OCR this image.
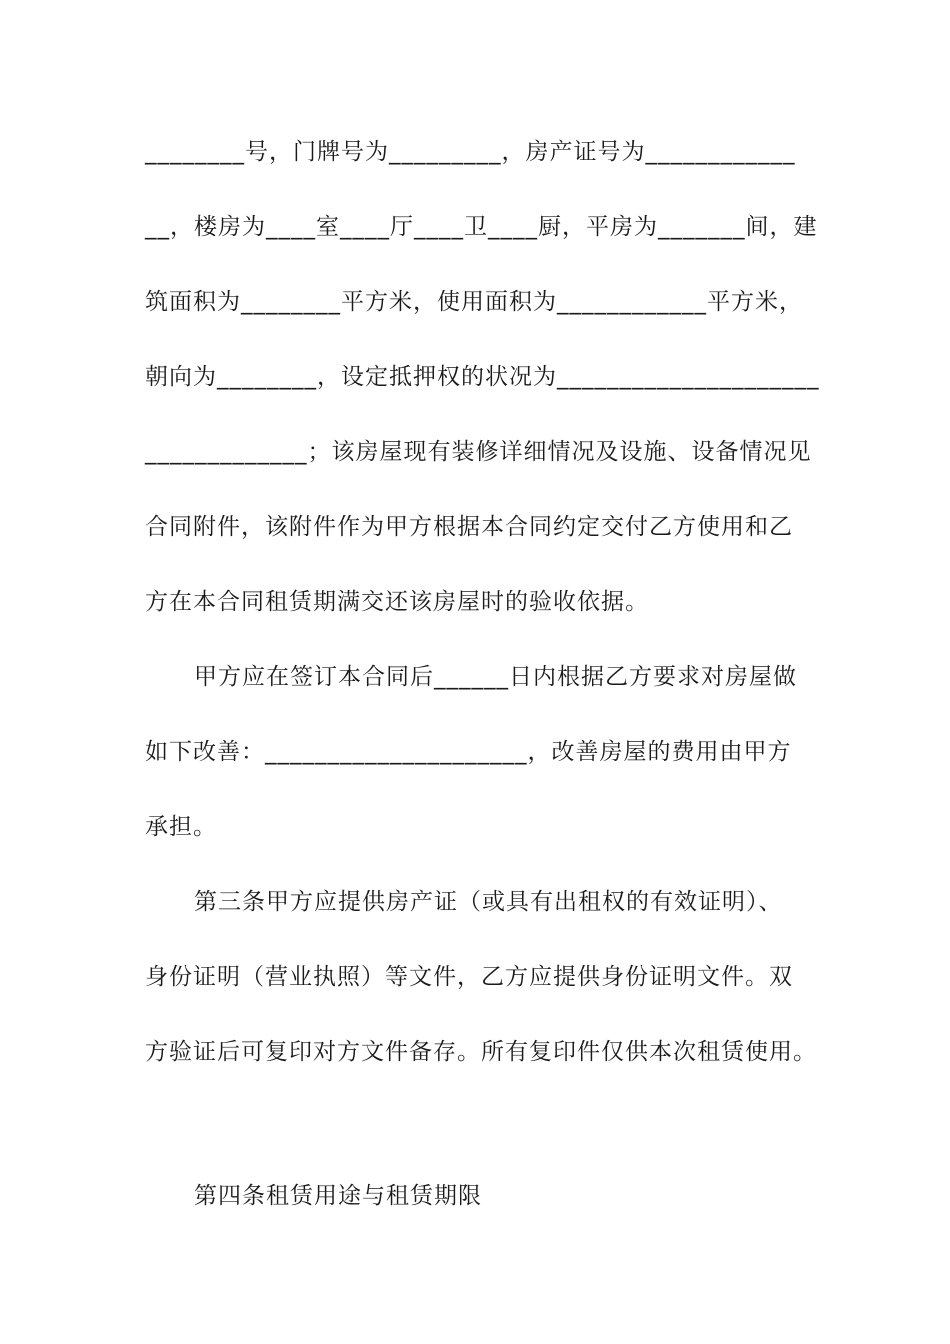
________号，门牌号为_________，房产证号为____________
__，楼房为____室____厅____卫____厨，平房为_______间，建
筑面积为________平方米，使用面积为____________平方米，
朝向为________，设定抵押权的状况为_____________________
_____________；该房屋现有装修详细情况及设施、设备情况见
合同附件，该附件作为甲方根据本合同约定交付乙方使用和乙
方在本合同租赁期满交还该房屋时的验收依据。
甲方应在签订本合同后______日内根据乙方要求对房屋做
如下改善：_____________________，改善房屋的费用由甲方
承担。
第三条甲方应提供房产证（或具有出租权的有效证明）、
身份证明（营业执照）等文件，乙方应提供身份证明文件。双
方验证后可复印对方文件备存。所有复印件仅供本次租赁使用。
第四条租赁用途与租赁期限
